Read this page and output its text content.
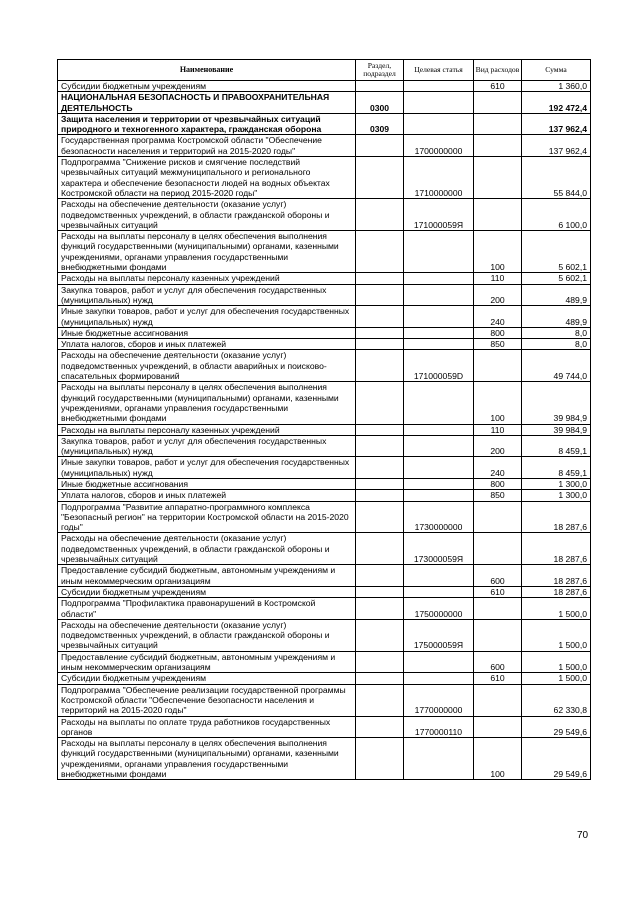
Наименование	Раздел, подраздел	Целевая статья	Вид расходов	Сумма
Субсидии бюджетным учреждениям			610	1 360,0
НАЦИОНАЛЬНАЯ БЕЗОПАСНОСТЬ И ПРАВООХРАНИТЕЛЬНАЯ ДЕЯТЕЛЬНОСТЬ	0300			192 472,4
Защита населения и территории от чрезвычайных ситуаций природного и техногенного характера, гражданская оборона	0309			137 962,4
Государственная программа Костромской области "Обеспечение безопасности населения и территорий на 2015-2020 годы"		1700000000		137 962,4
Подпрограмма "Снижение рисков и смягчение последствий чрезвычайных ситуаций межмуниципального и регионального характера и обеспечение безопасности людей на водных объектах Костромской области на период 2015-2020 годы"		1710000000		55 844,0
Расходы на обеспечение деятельности (оказание услуг) подведомственных учреждений, в области гражданской обороны и чрезвычайных ситуаций		171000059Я		6 100,0
Расходы на выплаты персоналу в целях обеспечения выполнения функций государственными (муниципальными) органами, казенными учреждениями, органами управления государственными внебюджетными фондами			100	5 602,1
Расходы на выплаты персоналу казенных учреждений			110	5 602,1
Закупка товаров, работ и услуг для обеспечения государственных (муниципальных) нужд			200	489,9
Иные закупки товаров, работ и услуг для обеспечения государственных (муниципальных) нужд			240	489,9
Иные бюджетные ассигнования			800	8,0
Уплата налогов, сборов и иных платежей			850	8,0
Расходы на обеспечение деятельности (оказание услуг) подведомственных учреждений, в области аварийных и поисково-спасательных формирований		171000059D		49 744,0
Расходы на выплаты персоналу в целях обеспечения выполнения функций государственными (муниципальными) органами, казенными учреждениями, органами управления государственными внебюджетными фондами			100	39 984,9
Расходы на выплаты персоналу казенных учреждений			110	39 984,9
Закупка товаров, работ и услуг для обеспечения государственных (муниципальных) нужд			200	8 459,1
Иные закупки товаров, работ и услуг для обеспечения государственных (муниципальных) нужд			240	8 459,1
Иные бюджетные ассигнования			800	1 300,0
Уплата налогов, сборов и иных платежей			850	1 300,0
Подпрограмма "Развитие аппаратно-программного комплекса "Безопасный регион" на территории Костромской области на 2015-2020 годы"		1730000000		18 287,6
Расходы на обеспечение деятельности (оказание услуг) подведомственных учреждений, в области гражданской обороны и чрезвычайных ситуаций		173000059Я		18 287,6
Предоставление субсидий бюджетным, автономным учреждениям и иным некоммерческим организациям			600	18 287,6
Субсидии бюджетным учреждениям			610	18 287,6
Подпрограмма "Профилактика правонарушений в Костромской области"		1750000000		1 500,0
Расходы на обеспечение деятельности (оказание услуг) подведомственных учреждений, в области гражданской обороны и чрезвычайных ситуаций		175000059Я		1 500,0
Предоставление субсидий бюджетным, автономным учреждениям и иным некоммерческим организациям			600	1 500,0
Субсидии бюджетным учреждениям			610	1 500,0
Подпрограмма "Обеспечение реализации государственной программы Костромской области "Обеспечение безопасности населения и территорий на 2015-2020 годы"		1770000000		62 330,8
Расходы на выплаты по оплате труда работников государственных органов		1770000110		29 549,6
Расходы на выплаты персоналу в целях обеспечения выполнения функций государственными (муниципальными) органами, казенными учреждениями, органами управления государственными внебюджетными фондами			100	29 549,6
70
